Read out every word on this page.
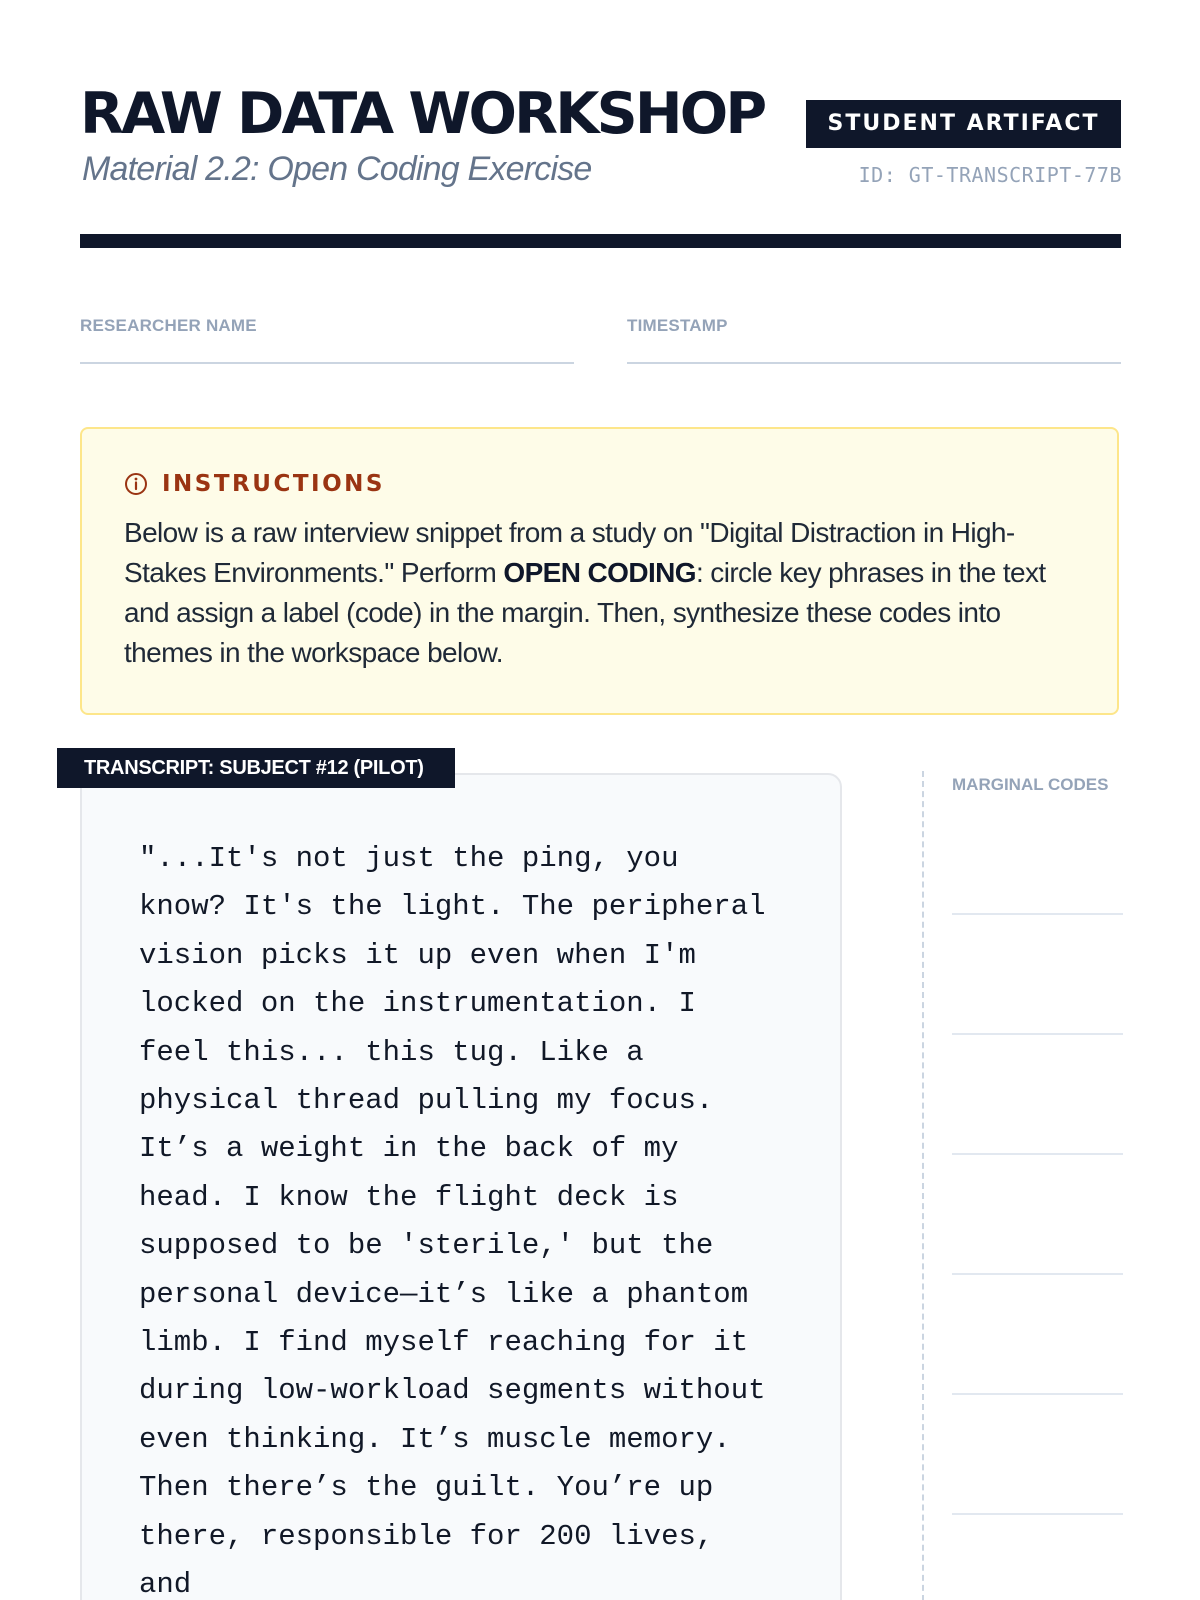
RAW DATA WORKSHOP
Material 2.2: Open Coding Exercise
STUDENT ARTIFACT
ID: GT-TRANSCRIPT-77B
RESEARCHER NAME	TIMESTAMP
INSTRUCTIONS
Below is a raw interview snippet from a study on "Digital Distraction in High-Stakes Environments." Perform OPEN CODING: circle key phrases in the text and assign a label (code) in the margin. Then, synthesize these codes into themes in the workspace below.
TRANSCRIPT: SUBJECT #12 (PILOT)

"...It's not just the ping, you know? It's the light. The peripheral vision picks it up even when I'm locked on the instrumentation. I feel this... this tug. Like a physical thread pulling my focus. It’s a weight in the back of my head. I know the flight deck is supposed to be 'sterile,' but the personal device—it’s like a phantom limb. I find myself reaching for it during low-workload segments without even thinking. It’s muscle memory. Then there’s the guilt. You’re up there, responsible for 200 lives, and

MARGINAL CODES
